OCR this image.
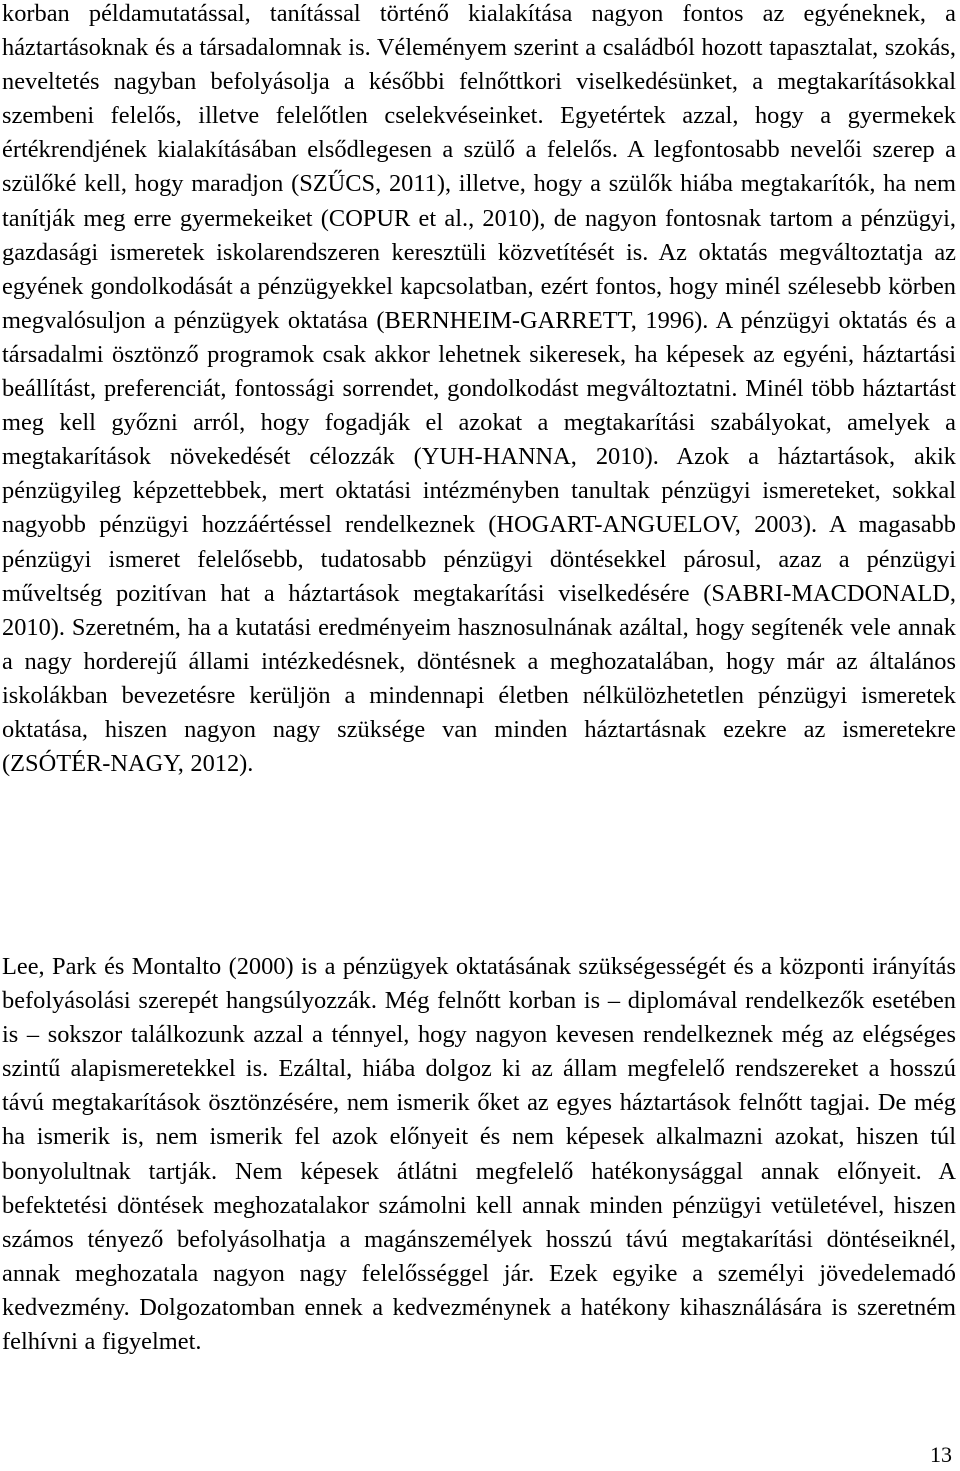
korban példamutatással, tanítással történő kialakítása nagyon fontos az egyéneknek, a háztartásoknak és a társadalomnak is. Véleményem szerint a családból hozott tapasztalat, szokás, neveltetés nagyban befolyásolja a későbbi felnőttkori viselkedésünket, a megtakarításokkal szembeni felelős, illetve felelőtlen cselekvéseinket. Egyetértek azzal, hogy a gyermekek értékrendjének kialakításában elsődlegesen a szülő a felelős. A legfontosabb nevelői szerep a szülőké kell, hogy maradjon (SZŰCS, 2011), illetve, hogy a szülők hiába megtakarítók, ha nem tanítják meg erre gyermekeiket (COPUR et al., 2010), de nagyon fontosnak tartom a pénzügyi, gazdasági ismeretek iskolarendszeren keresztüli közvetítését is. Az oktatás megváltoztatja az egyének gondolkodását a pénzügyekkel kapcsolatban, ezért fontos, hogy minél szélesebb körben megvalósuljon a pénzügyek oktatása (BERNHEIM-GARRETT, 1996). A pénzügyi oktatás és a társadalmi ösztönző programok csak akkor lehetnek sikeresek, ha képesek az egyéni, háztartási beállítást, preferenciát, fontossági sorrendet, gondolkodást megváltoztatni. Minél több háztartást meg kell győzni arról, hogy fogadják el azokat a megtakarítási szabályokat, amelyek a megtakarítások növekedését célozzák (YUH-HANNA, 2010). Azok a háztartások, akik pénzügyileg képzettebbek, mert oktatási intézményben tanultak pénzügyi ismereteket, sokkal nagyobb pénzügyi hozzáértéssel rendelkeznek (HOGART-ANGUELOV, 2003). A magasabb pénzügyi ismeret felelősebb, tudatosabb pénzügyi döntésekkel párosul, azaz a pénzügyi műveltség pozitívan hat a háztartások megtakarítási viselkedésére (SABRI-MACDONALD, 2010). Szeretném, ha a kutatási eredményeim hasznosulnának azáltal, hogy segítenék vele annak a nagy horderejű állami intézkedésnek, döntésnek a meghozatalában, hogy már az általános iskolákban bevezetésre kerüljön a mindennapi életben nélkülözhetetlen pénzügyi ismeretek oktatása, hiszen nagyon nagy szüksége van minden háztartásnak ezekre az ismeretekre (ZSÓTÉR-NAGY, 2012).

Lee, Park és Montalto (2000) is a pénzügyek oktatásának szükségességét és a központi irányítás befolyásolási szerepét hangsúlyozzák. Még felnőtt korban is – diplomával rendelkezők esetében is – sokszor találkozunk azzal a ténnyel, hogy nagyon kevesen rendelkeznek még az elégséges szintű alapismeretekkel is. Ezáltal, hiába dolgoz ki az állam megfelelő rendszereket a hosszú távú megtakarítások ösztönzésére, nem ismerik őket az egyes háztartások felnőtt tagjai. De még ha ismerik is, nem ismerik fel azok előnyeit és nem képesek alkalmazni azokat, hiszen túl bonyolultnak tartják. Nem képesek átlátni megfelelő hatékonysággal annak előnyeit. A befektetési döntések meghozatalakor számolni kell annak minden pénzügyi vetületével, hiszen számos tényező befolyásolhatja a magánszemélyek hosszú távú megtakarítási döntéseiknél, annak meghozatala nagyon nagy felelősséggel jár. Ezek egyike a személyi jövedelemadó kedvezmény. Dolgozatomban ennek a kedvezménynek a hatékony kihasználására is szeretném felhívni a figyelmet.

13
